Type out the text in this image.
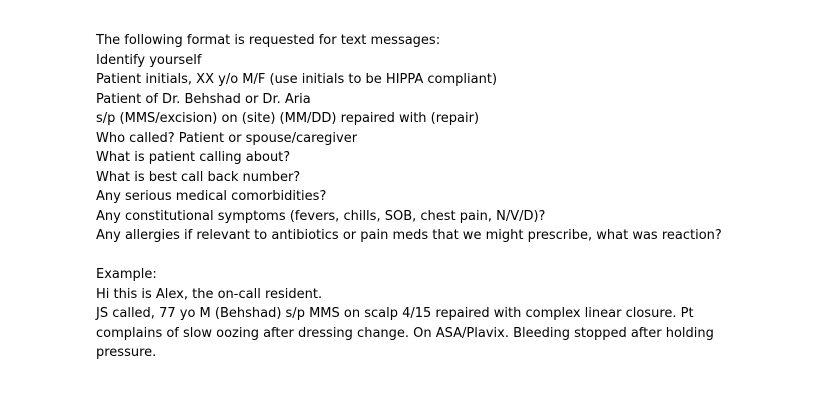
The following format is requested for text messages:
Identify yourself
Patient initials, XX y/o M/F (use initials to be HIPPA compliant)
Patient of Dr. Behshad or Dr. Aria
s/p (MMS/excision) on (site) (MM/DD) repaired with (repair)
Who called? Patient or spouse/caregiver
What is patient calling about?
What is best call back number?
Any serious medical comorbidities?
Any constitutional symptoms (fevers, chills, SOB, chest pain, N/V/D)?
Any allergies if relevant to antibiotics or pain meds that we might prescribe, what was reaction?
Example:
Hi this is Alex, the on-call resident.
JS called, 77 yo M (Behshad) s/p MMS on scalp 4/15 repaired with complex linear closure. Pt
complains of slow oozing after dressing change. On ASA/Plavix. Bleeding stopped after holding
pressure.
